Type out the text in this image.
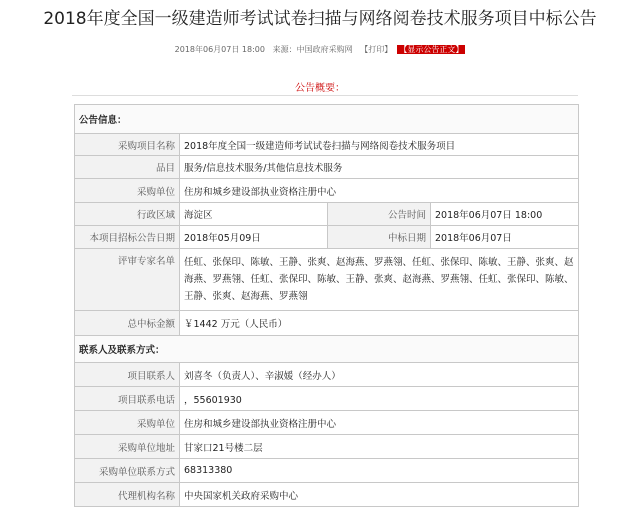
2018年度全国一级建造师考试试卷扫描与网络阅卷技术服务项目中标公告
2018年06月07日 18:00 来源：中国政府采购网 【打印】 【显示公告正文】
公告概要：
公告信息：			
采购项目名称	2018年度全国一级建造师考试试卷扫描与网络阅卷技术服务项目		
品目	服务/信息技术服务/其他信息技术服务		
采购单位	住房和城乡建设部执业资格注册中心		
行政区域	海淀区	公告时间	2018年06月07日 18:00
本项目招标公告日期	2018年05月09日	中标日期	2018年06月07日
评审专家名单	任虹、张保印、陈敏、王静、张爽、赵海燕、罗燕翎、任虹、张保印、陈敏、王静、张爽、赵海燕、罗燕翎、任虹、张保印、陈敏、王静、张爽、赵海燕、罗燕翎、任虹、张保印、陈敏、王静、张爽、赵海燕、罗燕翎		
总中标金额	￥1442 万元（人民币）		
联系人及联系方式：			
项目联系人	刘喜冬（负责人）、辛淑媛（经办人）		
项目联系电话	，55601930		
采购单位	住房和城乡建设部执业资格注册中心		
采购单位地址	甘家口21号楼二层		
采购单位联系方式	68313380		
代理机构名称	中央国家机关政府采购中心		
